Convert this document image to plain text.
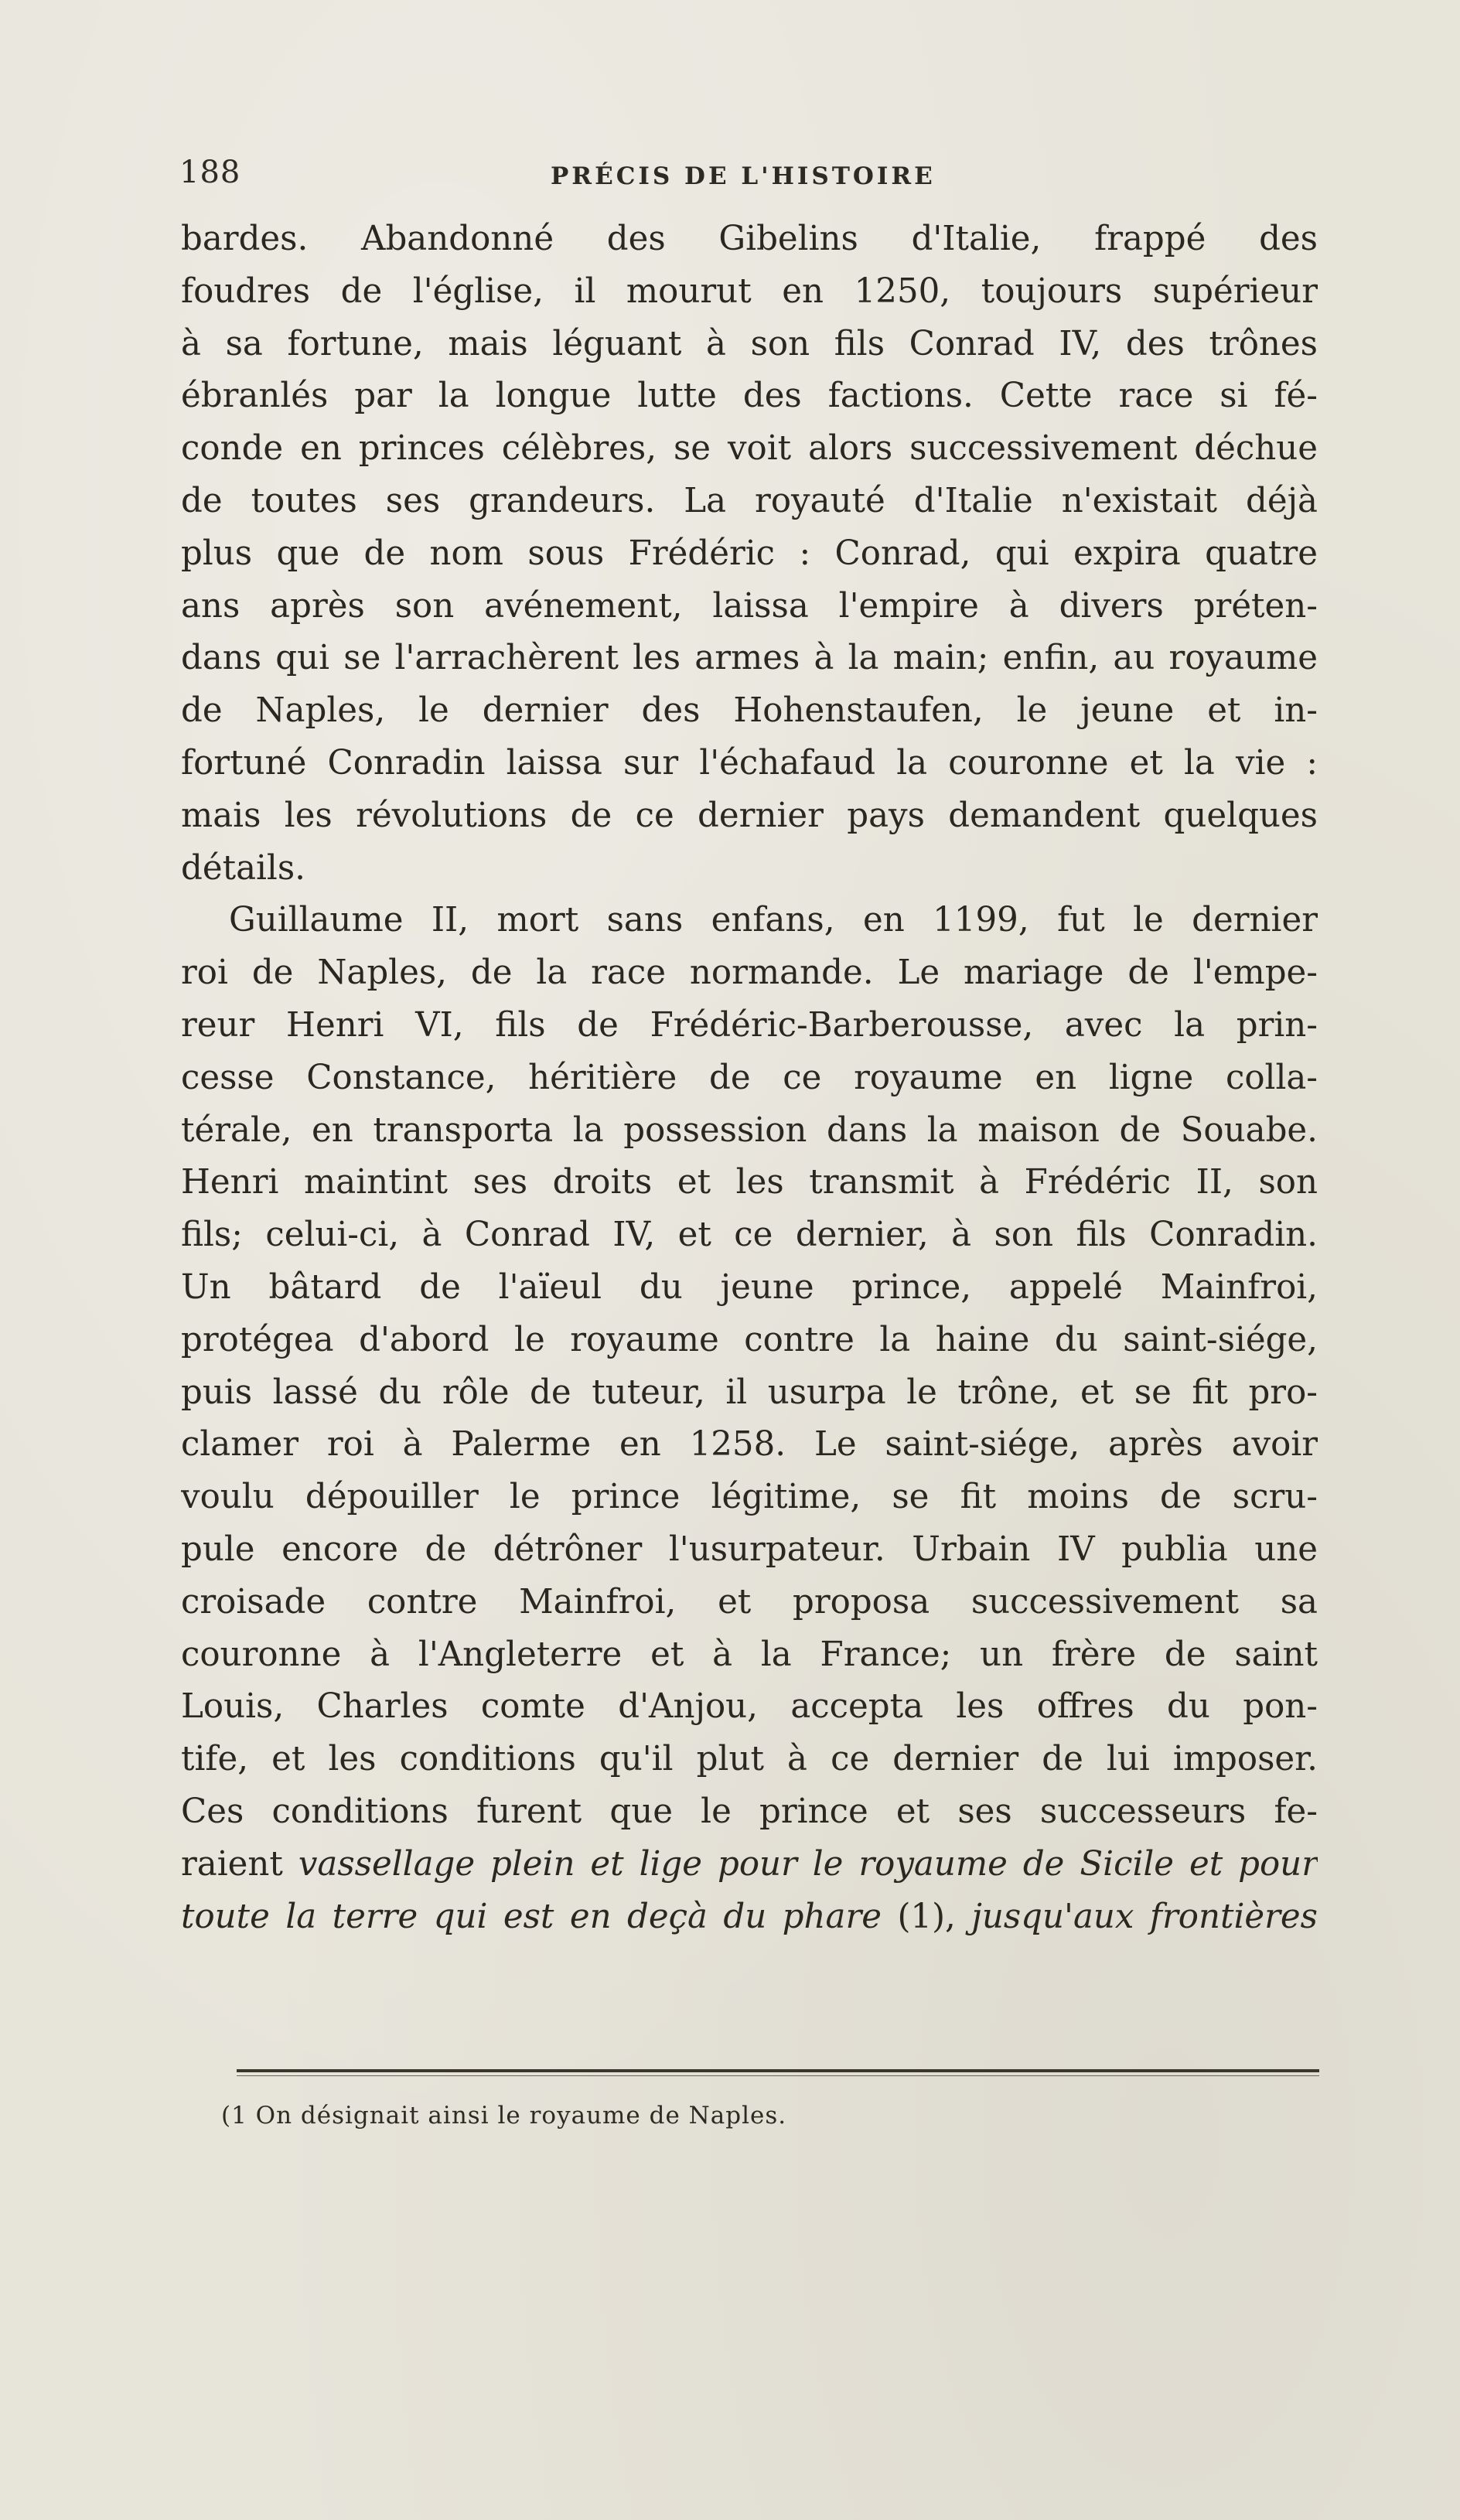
188	PRÉCIS DE L'HISTOIRE
bardes. Abandonné des Gibelins d'Italie, frappé des
foudres de l'église, il mourut en 1250, toujours supérieur
à sa fortune, mais léguant à son fils Conrad IV, des trônes
ébranlés par la longue lutte des factions. Cette race si fé-
conde en princes célèbres, se voit alors successivement déchue
de toutes ses grandeurs. La royauté d'Italie n'existait déjà
plus que de nom sous Frédéric : Conrad, qui expira quatre
ans après son avénement, laissa l'empire à divers préten-
dans qui se l'arrachèrent les armes à la main; enfin, au royaume
de Naples, le dernier des Hohenstaufen, le jeune et in-
fortuné Conradin laissa sur l'échafaud la couronne et la vie :
mais les révolutions de ce dernier pays demandent quelques
détails.
Guillaume II, mort sans enfans, en 1199, fut le dernier
roi de Naples, de la race normande. Le mariage de l'empe-
reur Henri VI, fils de Frédéric-Barberousse, avec la prin-
cesse Constance, héritière de ce royaume en ligne colla-
térale, en transporta la possession dans la maison de Souabe.
Henri maintint ses droits et les transmit à Frédéric II, son
fils; celui-ci, à Conrad IV, et ce dernier, à son fils Conradin.
Un bâtard de l'aïeul du jeune prince, appelé Mainfroi,
protégea d'abord le royaume contre la haine du saint-siége,
puis lassé du rôle de tuteur, il usurpa le trône, et se fit pro-
clamer roi à Palerme en 1258. Le saint-siége, après avoir
voulu dépouiller le prince légitime, se fit moins de scru-
pule encore de détrôner l'usurpateur. Urbain IV publia une
croisade contre Mainfroi, et proposa successivement sa
couronne à l'Angleterre et à la France; un frère de saint
Louis, Charles comte d'Anjou, accepta les offres du pon-
tife, et les conditions qu'il plut à ce dernier de lui imposer.
Ces conditions furent que le prince et ses successeurs fe-
raient vassellage plein et lige pour le royaume de Sicile et pour
toute la terre qui est en deçà du phare (1), jusqu'aux frontières
(1 On désignait ainsi le royaume de Naples.
